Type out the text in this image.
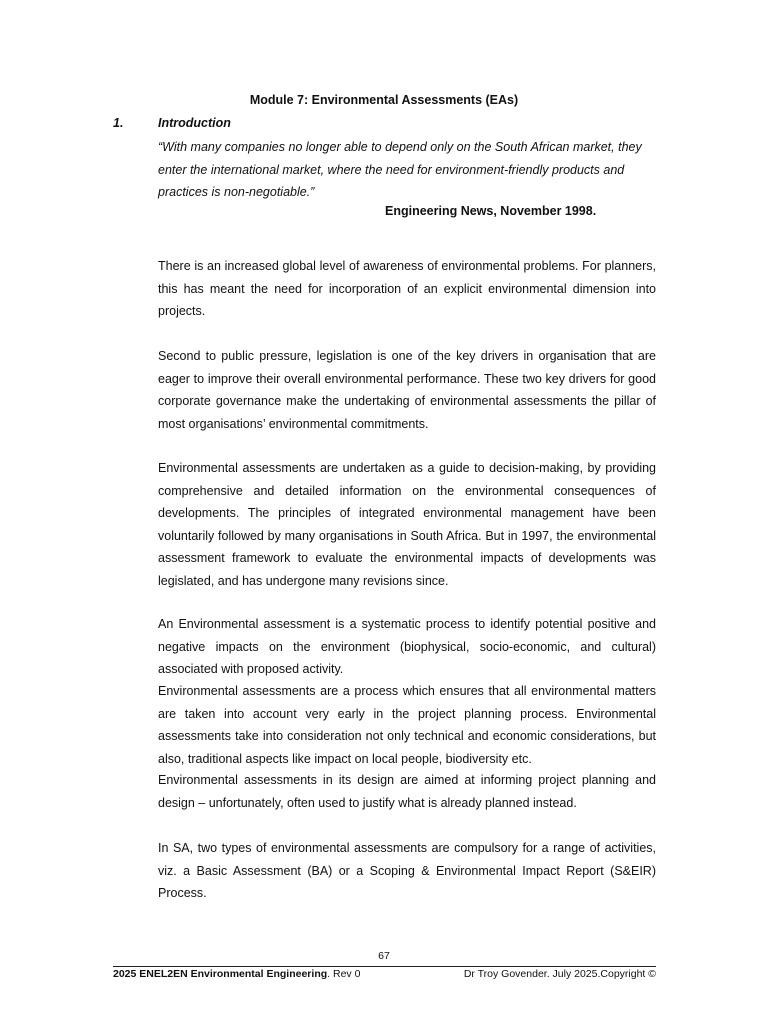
Module 7: Environmental Assessments (EAs)
1.	Introduction
“With many companies no longer able to depend only on the South African market, they enter the international market, where the need for environment-friendly products and practices is non-negotiable.”
Engineering News, November 1998.

There is an increased global level of awareness of environmental problems. For planners, this has meant the need for incorporation of an explicit environmental dimension into projects.

Second to public pressure, legislation is one of the key drivers in organisation that are eager to improve their overall environmental performance. These two key drivers for good corporate governance make the undertaking of environmental assessments the pillar of most organisations’ environmental commitments.

Environmental assessments are undertaken as a guide to decision-making, by providing comprehensive and detailed information on the environmental consequences of developments. The principles of integrated environmental management have been voluntarily followed by many organisations in South Africa. But in 1997, the environmental assessment framework to evaluate the environmental impacts of developments was legislated, and has undergone many revisions since.

An Environmental assessment is a systematic process to identify potential positive and negative impacts on the environment (biophysical, socio-economic, and cultural) associated with proposed activity.

Environmental assessments are a process which ensures that all environmental matters are taken into account very early in the project planning process. Environmental assessments take into consideration not only technical and economic considerations, but also, traditional aspects like impact on local people, biodiversity etc.

Environmental assessments in its design are aimed at informing project planning and design – unfortunately, often used to justify what is already planned instead.

In SA, two types of environmental assessments are compulsory for a range of activities, viz. a Basic Assessment (BA) or a Scoping & Environmental Impact Report (S&EIR) Process.

67
2025 ENEL2EN Environmental Engineering. Rev 0	Dr Troy Govender. July 2025.Copyright ©
